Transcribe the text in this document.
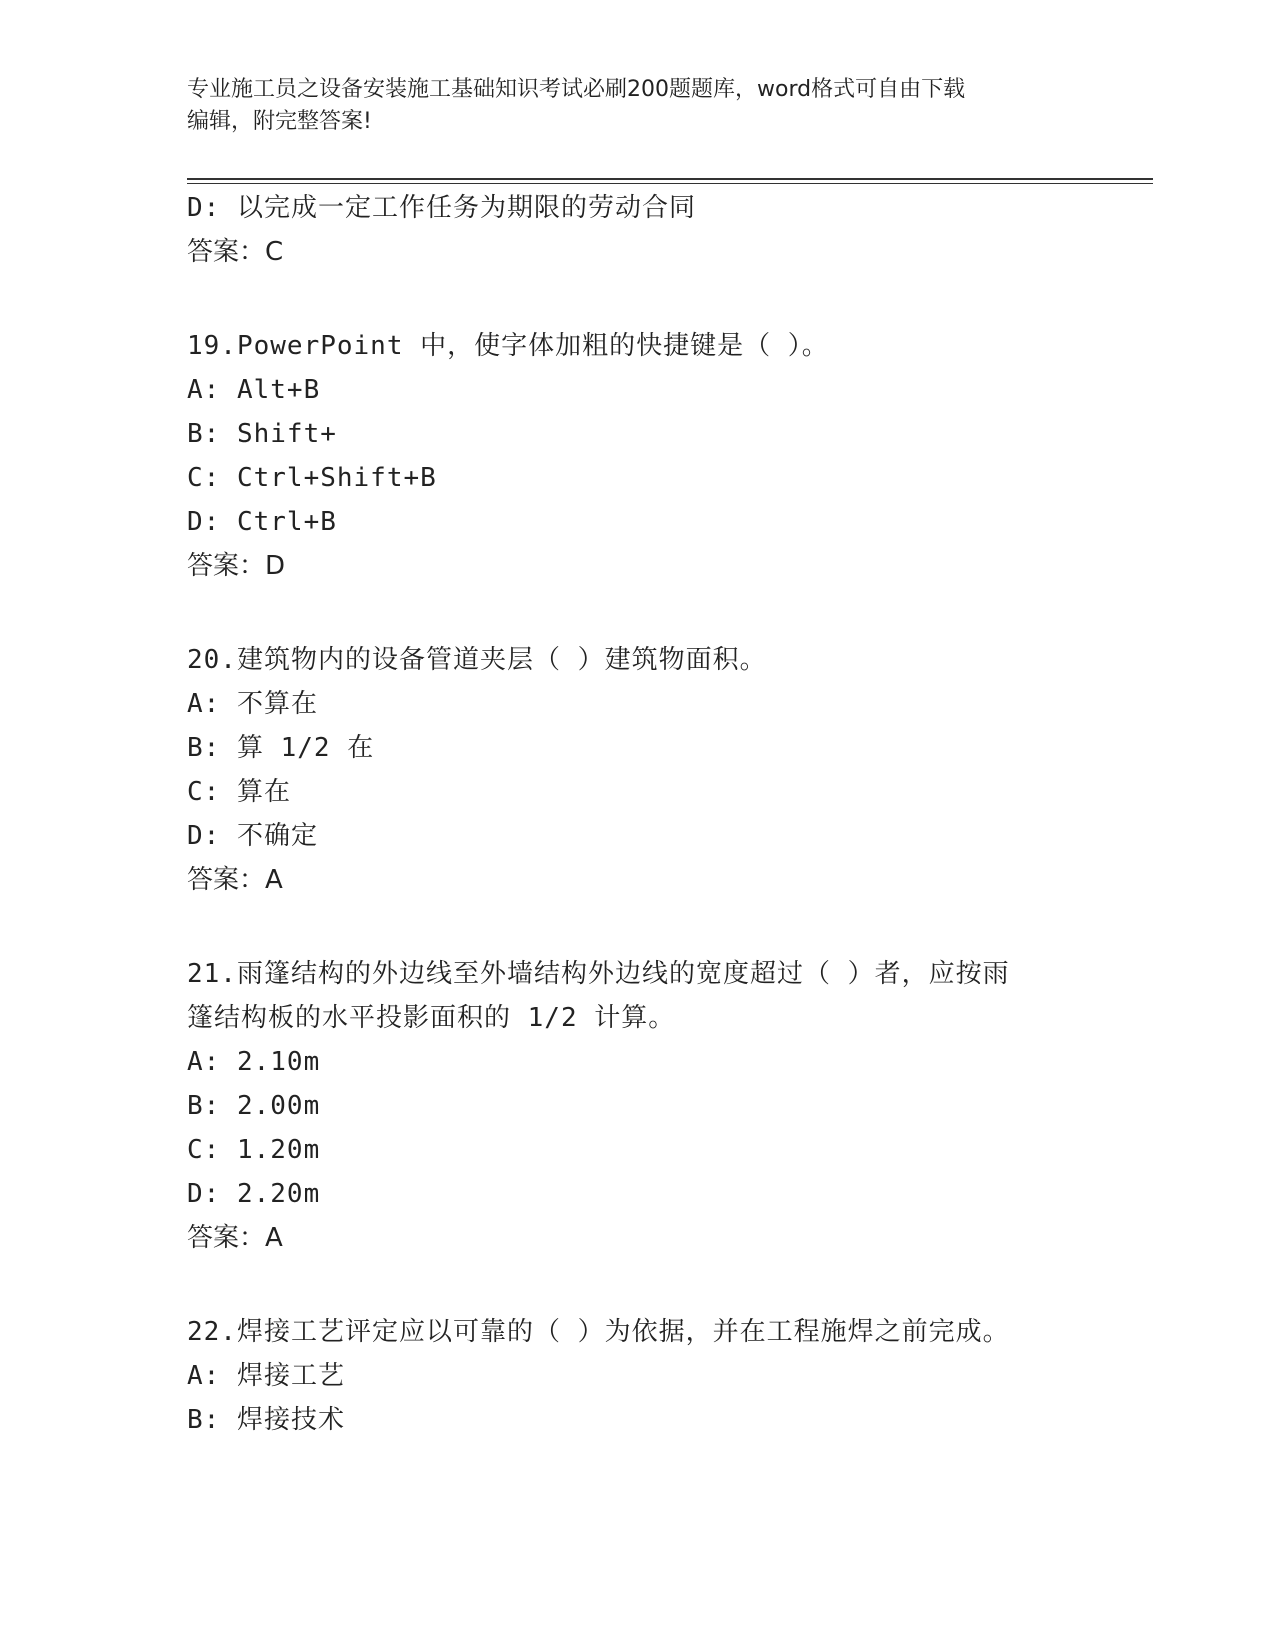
专业施工员之设备安装施工基础知识考试必刷200题题库，word格式可自由下载
编辑，附完整答案!
D: 以完成一定工作任务为期限的劳动合同
答案：C
19.PowerPoint 中，使字体加粗的快捷键是（ ）。
A: Alt+B
B: Shift+
C: Ctrl+Shift+B
D: Ctrl+B
答案：D
20.建筑物内的设备管道夹层（ ）建筑物面积。
A: 不算在
B: 算 1/2 在
C: 算在
D: 不确定
答案：A
21.雨篷结构的外边线至外墙结构外边线的宽度超过（ ）者，应按雨
篷结构板的水平投影面积的 1/2 计算。
A: 2.10m
B: 2.00m
C: 1.20m
D: 2.20m
答案：A
22.焊接工艺评定应以可靠的（ ）为依据，并在工程施焊之前完成。
A: 焊接工艺
B: 焊接技术
